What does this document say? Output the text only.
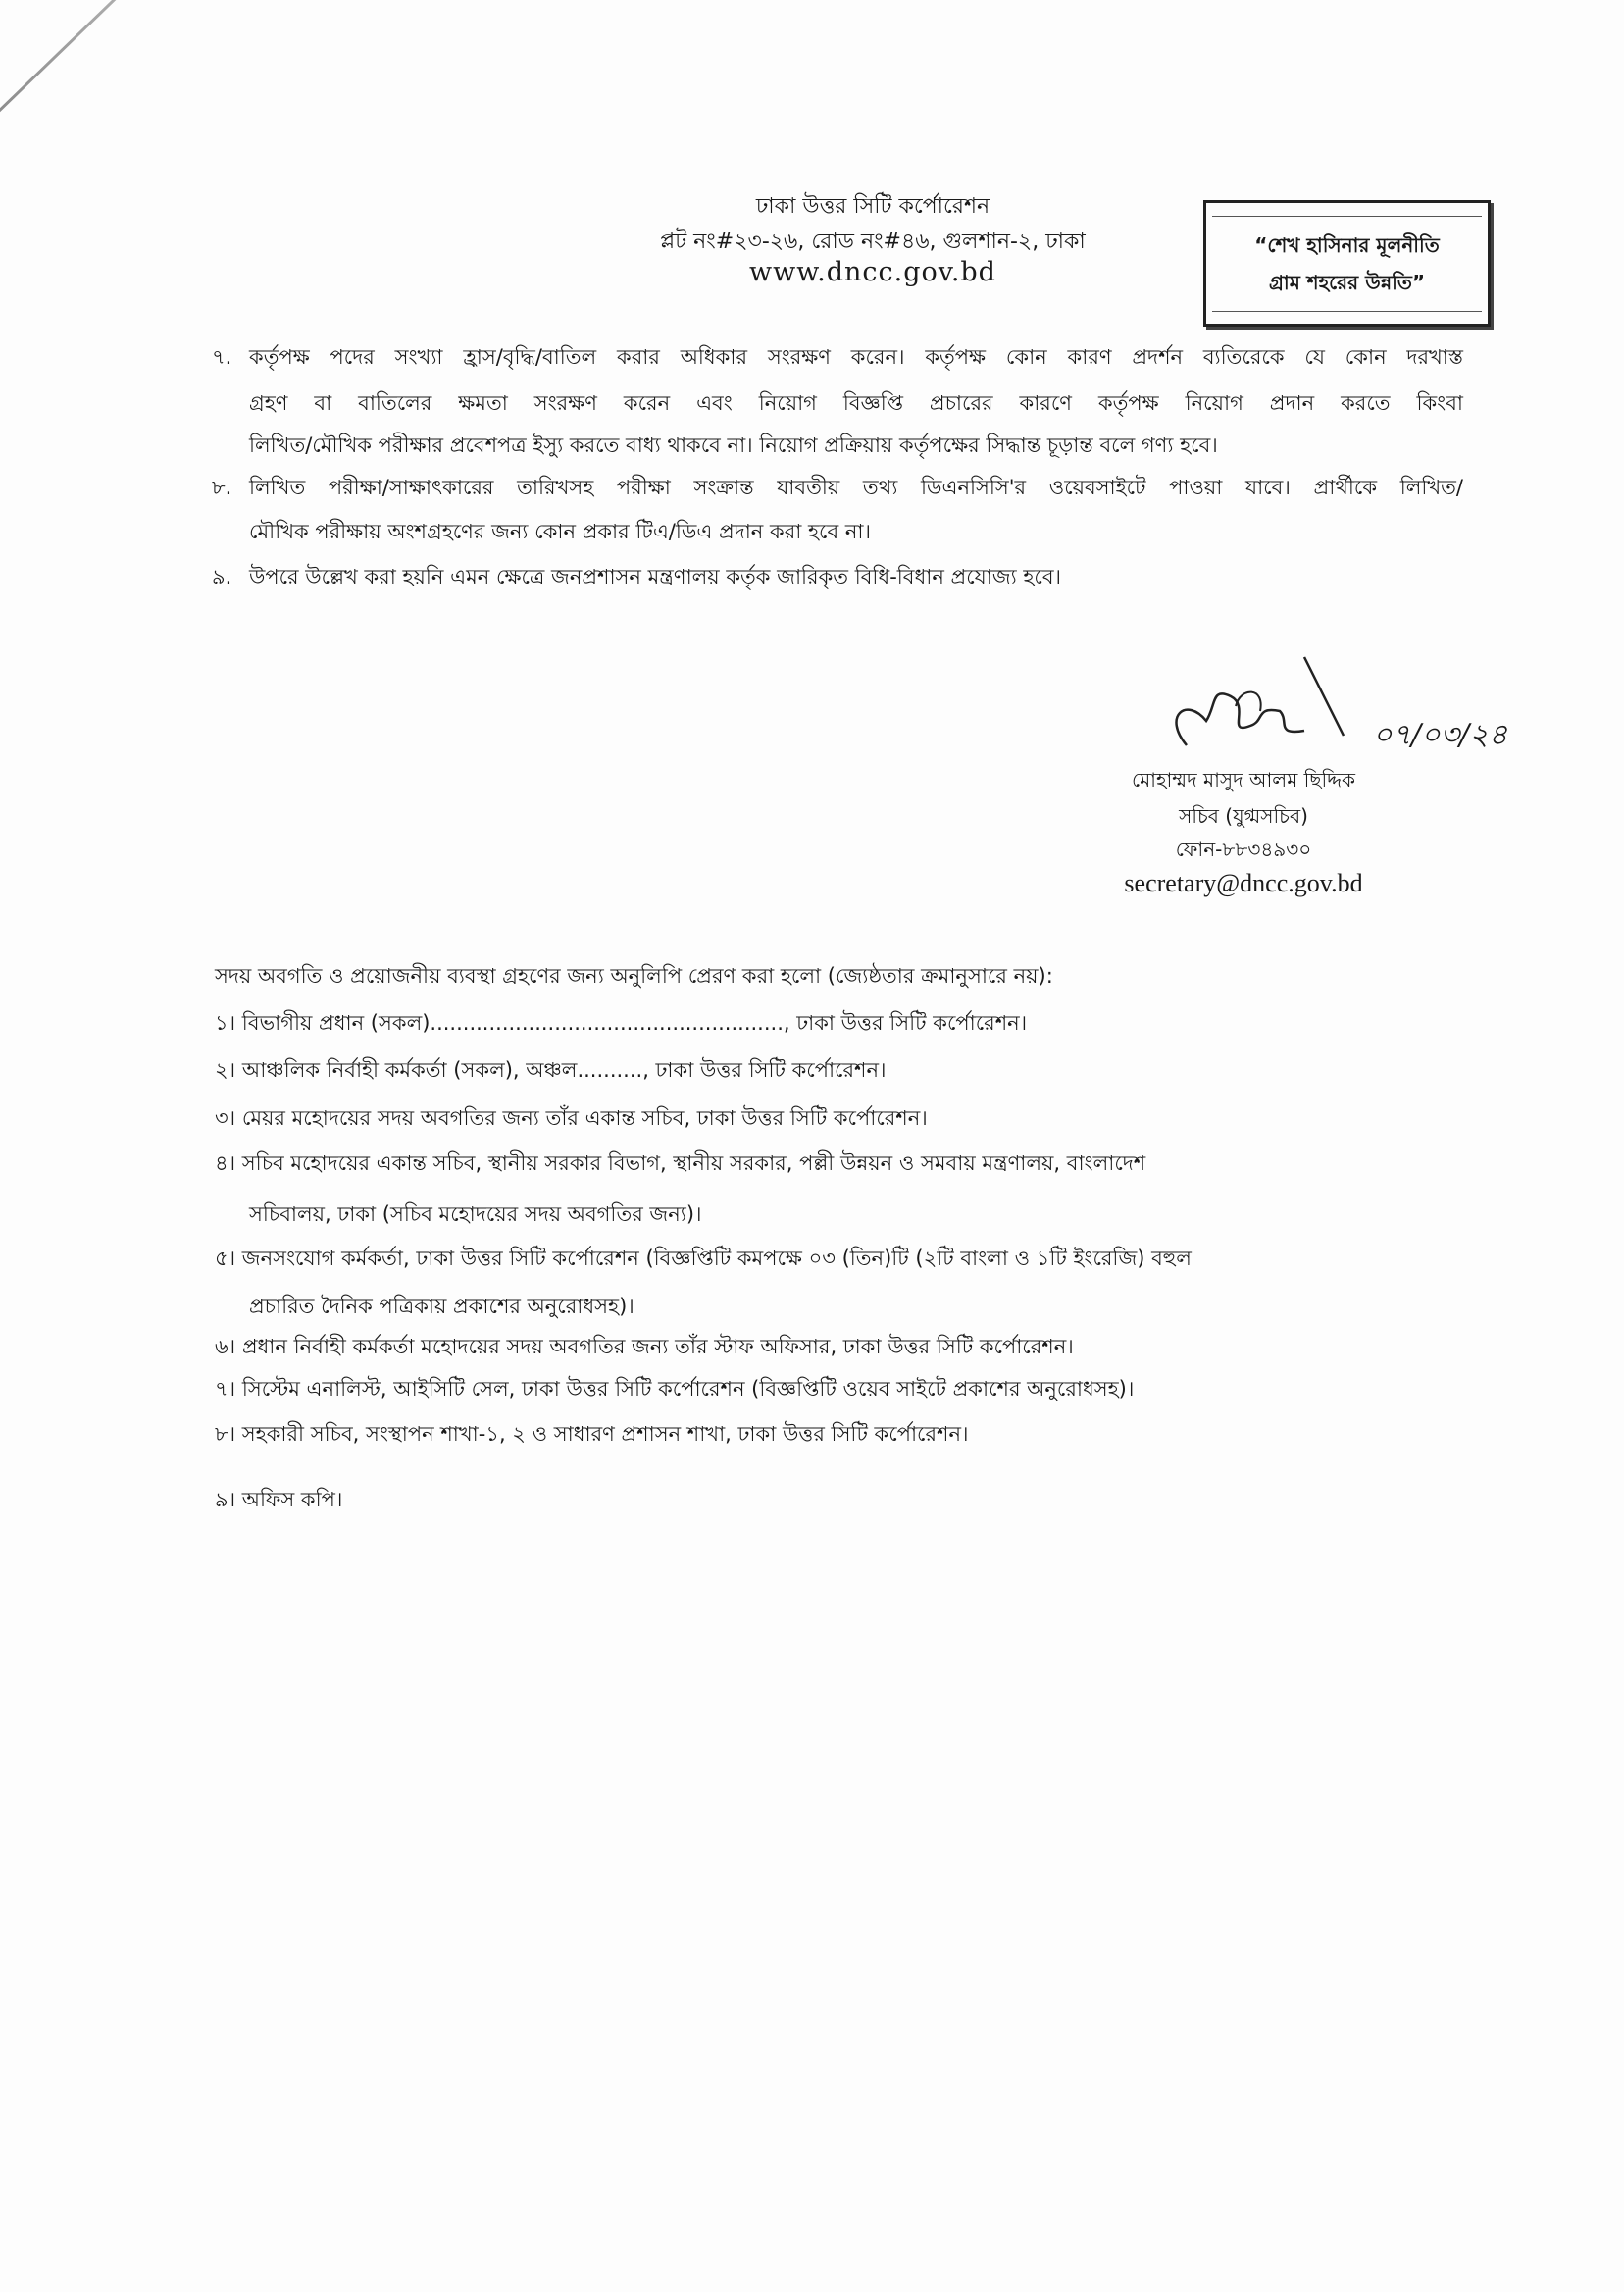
ঢাকা উত্তর সিটি কর্পোরেশন
প্লট নং#২৩-২৬, রোড নং#৪৬, গুলশান-২, ঢাকা
www.dncc.gov.bd
“শেখ হাসিনার মূলনীতি
গ্রাম শহরের উন্নতি”
৭. কর্তৃপক্ষ পদের সংখ্যা হ্রাস/বৃদ্ধি/বাতিল করার অধিকার সংরক্ষণ করেন। কর্তৃপক্ষ কোন কারণ প্রদর্শন ব্যতিরেকে যে কোন দরখাস্ত
গ্রহণ বা বাতিলের ক্ষমতা সংরক্ষণ করেন এবং নিয়োগ বিজ্ঞপ্তি প্রচারের কারণে কর্তৃপক্ষ নিয়োগ প্রদান করতে কিংবা
লিখিত/মৌখিক পরীক্ষার প্রবেশপত্র ইস্যু করতে বাধ্য থাকবে না। নিয়োগ প্রক্রিয়ায় কর্তৃপক্ষের সিদ্ধান্ত চূড়ান্ত বলে গণ্য হবে।
৮. লিখিত পরীক্ষা/সাক্ষাৎকারের তারিখসহ পরীক্ষা সংক্রান্ত যাবতীয় তথ্য ডিএনসিসি'র ওয়েবসাইটে পাওয়া যাবে। প্রার্থীকে লিখিত/
মৌখিক পরীক্ষায় অংশগ্রহণের জন্য কোন প্রকার টিএ/ডিএ প্রদান করা হবে না।
৯. উপরে উল্লেখ করা হয়নি এমন ক্ষেত্রে জনপ্রশাসন মন্ত্রণালয় কর্তৃক জারিকৃত বিধি-বিধান প্রযোজ্য হবে।
০৭/০৩/২৪
মোহাম্মদ মাসুদ আলম ছিদ্দিক
সচিব (যুগ্মসচিব)
ফোন-৮৮৩৪৯৩০
secretary@dncc.gov.bd
সদয় অবগতি ও প্রয়োজনীয় ব্যবস্থা গ্রহণের জন্য অনুলিপি প্রেরণ করা হলো (জ্যেষ্ঠতার ক্রমানুসারে নয়):
১। বিভাগীয় প্রধান (সকল)......................................................, ঢাকা উত্তর সিটি কর্পোরেশন।
২। আঞ্চলিক নির্বাহী কর্মকর্তা (সকল), অঞ্চল.........., ঢাকা উত্তর সিটি কর্পোরেশন।
৩। মেয়র মহোদয়ের সদয় অবগতির জন্য তাঁর একান্ত সচিব, ঢাকা উত্তর সিটি কর্পোরেশন।
৪। সচিব মহোদয়ের একান্ত সচিব, স্থানীয় সরকার বিভাগ, স্থানীয় সরকার, পল্লী উন্নয়ন ও সমবায় মন্ত্রণালয়, বাংলাদেশ
সচিবালয়, ঢাকা (সচিব মহোদয়ের সদয় অবগতির জন্য)।
৫। জনসংযোগ কর্মকর্তা, ঢাকা উত্তর সিটি কর্পোরেশন (বিজ্ঞপ্তিটি কমপক্ষে ০৩ (তিন)টি (২টি বাংলা ও ১টি ইংরেজি) বহুল
প্রচারিত দৈনিক পত্রিকায় প্রকাশের অনুরোধসহ)।
৬। প্রধান নির্বাহী কর্মকর্তা মহোদয়ের সদয় অবগতির জন্য তাঁর স্টাফ অফিসার, ঢাকা উত্তর সিটি কর্পোরেশন।
৭। সিস্টেম এনালিস্ট, আইসিটি সেল, ঢাকা উত্তর সিটি কর্পোরেশন (বিজ্ঞপ্তিটি ওয়েব সাইটে প্রকাশের অনুরোধসহ)।
৮। সহকারী সচিব, সংস্থাপন শাখা-১, ২ ও সাধারণ প্রশাসন শাখা, ঢাকা উত্তর সিটি কর্পোরেশন।
৯। অফিস কপি।
